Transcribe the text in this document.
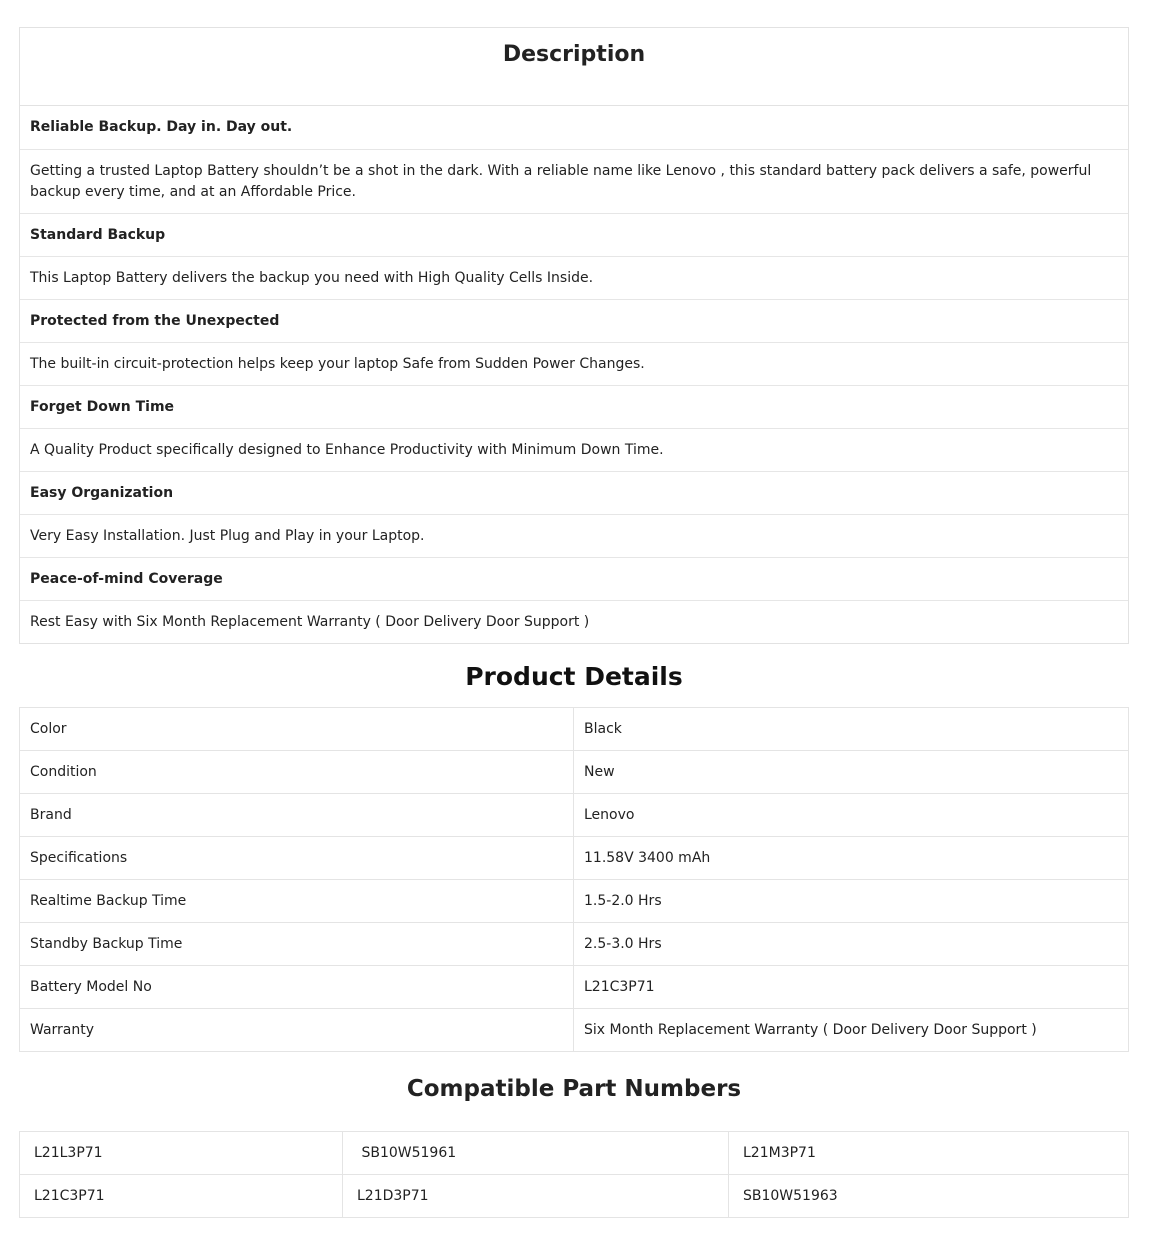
Description
Reliable Backup. Day in. Day out.
Getting a trusted Laptop Battery shouldn’t be a shot in the dark. With a reliable name like Lenovo , this standard battery pack delivers a safe, powerful backup every time, and at an Affordable Price.
Standard Backup
This Laptop Battery delivers the backup you need with High Quality Cells Inside.
Protected from the Unexpected
The built-in circuit-protection helps keep your laptop Safe from Sudden Power Changes.
Forget Down Time
A Quality Product specifically designed to Enhance Productivity with Minimum Down Time.
Easy Organization
Very Easy Installation. Just Plug and Play in your Laptop.
Peace-of-mind Coverage
Rest Easy with Six Month Replacement Warranty ( Door Delivery Door Support )
Product Details
Color	Black
Condition	New
Brand	Lenovo
Specifications	11.58V 3400 mAh
Realtime Backup Time	1.5-2.0 Hrs
Standby Backup Time	2.5-3.0 Hrs
Battery Model No	L21C3P71
Warranty	Six Month Replacement Warranty ( Door Delivery Door Support )
Compatible Part Numbers
L21L3P71	SB10W51961	L21M3P71
L21C3P71	L21D3P71	SB10W51963
